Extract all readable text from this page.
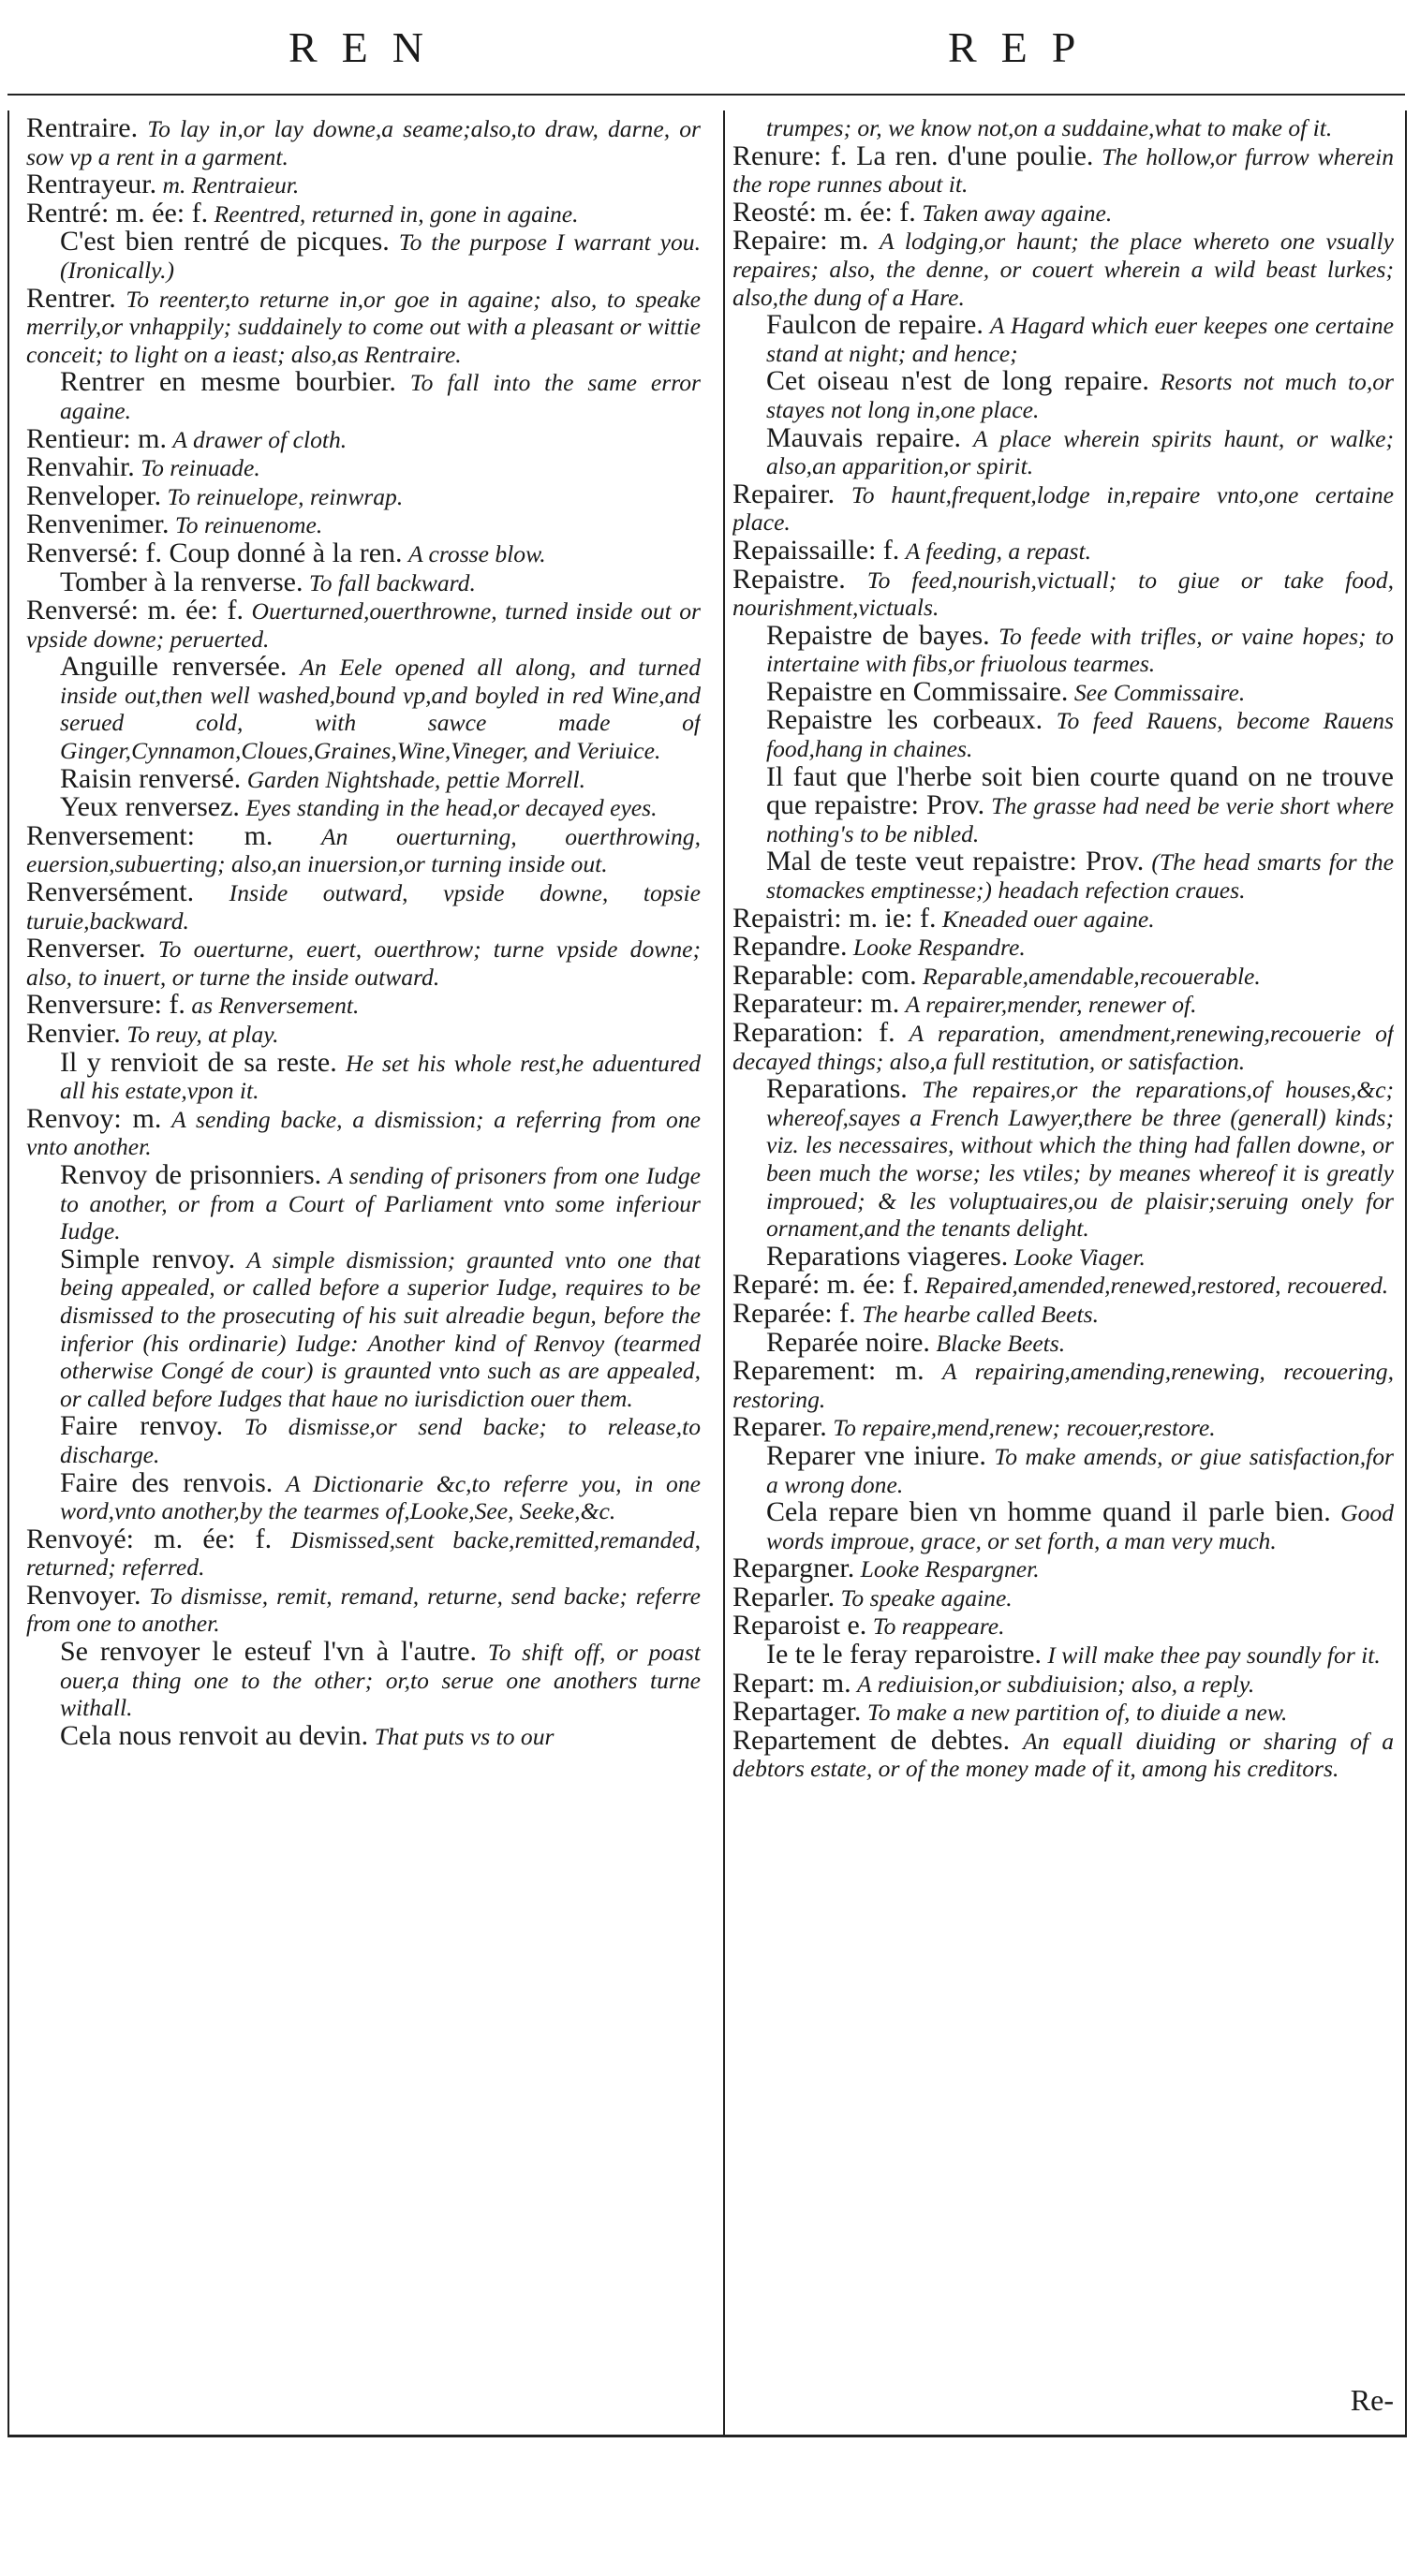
REN	REP

Rentraire. To lay in,or lay downe,a seame;also,to draw, darne, or sow vp a rent in a garment.

Rentrayeur. m. Rentraieur.

Rentré: m. ée: f. Reentred, returned in, gone in againe.

C'est bien rentré de picques. To the purpose I warrant you. (Ironically.)

Rentrer. To reenter,to returne in,or goe in againe; also, to speake merrily,or vnhappily; suddainely to come out with a pleasant or wittie conceit; to light on a ieast; also,as Rentraire.

Rentrer en mesme bourbier. To fall into the same error againe.

Rentieur: m. A drawer of cloth.

Renvahir. To reinuade.

Renveloper. To reinuelope, reinwrap.

Renvenimer. To reinuenome.

Renversé: f. Coup donné à la ren. A crosse blow.

Tomber à la renverse. To fall backward.

Renversé: m. ée: f. Ouerturned,ouerthrowne, turned inside out or vpside downe; peruerted.

Anguille renversée. An Eele opened all along, and turned inside out,then well washed,bound vp,and boyled in red Wine,and serued cold, with sawce made of Ginger,Cynnamon,Cloues,Graines,Wine,Vineger, and Veriuice.

Raisin renversé. Garden Nightshade, pettie Morrell.

Yeux renversez. Eyes standing in the head,or decayed eyes.

Renversement: m. An ouerturning, ouerthrowing, euersion,subuerting; also,an inuersion,or turning inside out.

Renversément. Inside outward, vpside downe, topsie turuie,backward.

Renverser. To ouerturne, euert, ouerthrow; turne vpside downe; also, to inuert, or turne the inside outward.

Renversure: f. as Renversement.

Renvier. To reuy, at play.

Il y renvioit de sa reste. He set his whole rest,he aduentured all his estate,vpon it.

Renvoy: m. A sending backe, a dismission; a referring from one vnto another.

Renvoy de prisonniers. A sending of prisoners from one Iudge to another, or from a Court of Parliament vnto some inferiour Iudge.

Simple renvoy. A simple dismission; graunted vnto one that being appealed, or called before a superior Iudge, requires to be dismissed to the prosecuting of his suit alreadie begun, before the inferior (his ordinarie) Iudge: Another kind of Renvoy (tearmed otherwise Congé de cour) is graunted vnto such as are appealed, or called before Iudges that haue no iurisdiction ouer them.

Faire renvoy. To dismisse,or send backe; to release,to discharge.

Faire des renvois. A Dictionarie &c,to referre you, in one word,vnto another,by the tearmes of,Looke,See, Seeke,&c.

Renvoyé: m. ée: f. Dismissed,sent backe,remitted,remanded, returned; referred.

Renvoyer. To dismisse, remit, remand, returne, send backe; referre from one to another.

Se renvoyer le esteuf l'vn à l'autre. To shift off, or poast ouer,a thing one to the other; or,to serue one anothers turne withall.

Cela nous renvoit au devin. That puts vs to our

trumpes; or, we know not,on a suddaine,what to make of it.

Renure: f. La ren. d'une poulie. The hollow,or furrow wherein the rope runnes about it.

Reosté: m. ée: f. Taken away againe.

Repaire: m. A lodging,or haunt; the place whereto one vsually repaires; also, the denne, or couert wherein a wild beast lurkes; also,the dung of a Hare.

Faulcon de repaire. A Hagard which euer keepes one certaine stand at night; and hence;

Cet oiseau n'est de long repaire. Resorts not much to,or stayes not long in,one place.

Mauvais repaire. A place wherein spirits haunt, or walke; also,an apparition,or spirit.

Repairer. To haunt,frequent,lodge in,repaire vnto,one certaine place.

Repaissaille: f. A feeding, a repast.

Repaistre. To feed,nourish,victuall; to giue or take food, nourishment,victuals.

Repaistre de bayes. To feede with trifles, or vaine hopes; to intertaine with fibs,or friuolous tearmes.

Repaistre en Commissaire. See Commissaire.

Repaistre les corbeaux. To feed Rauens, become Rauens food,hang in chaines.

Il faut que l'herbe soit bien courte quand on ne trouve que repaistre: Prov. The grasse had need be verie short where nothing's to be nibled.

Mal de teste veut repaistre: Prov. (The head smarts for the stomackes emptinesse;) headach refection craues.

Repaistri: m. ie: f. Kneaded ouer againe.

Repandre. Looke Respandre.

Reparable: com. Reparable,amendable,recouerable.

Reparateur: m. A repairer,mender, renewer of.

Reparation: f. A reparation, amendment,renewing,recouerie of decayed things; also,a full restitution, or satisfaction.

Reparations. The repaires,or the reparations,of houses,&c; whereof,sayes a French Lawyer,there be three (generall) kinds; viz. les necessaires, without which the thing had fallen downe, or been much the worse; les vtiles; by meanes whereof it is greatly improued; & les voluptuaires,ou de plaisir;seruing onely for ornament,and the tenants delight.

Reparations viageres. Looke Viager.

Reparé: m. ée: f. Repaired,amended,renewed,restored, recouered.

Reparée: f. The hearbe called Beets.

Reparée noire. Blacke Beets.

Reparement: m. A repairing,amending,renewing, recouering, restoring.

Reparer. To repaire,mend,renew; recouer,restore.

Reparer vne iniure. To make amends, or giue satisfaction,for a wrong done.

Cela repare bien vn homme quand il parle bien. Good words improue, grace, or set forth, a man very much.

Repargner. Looke Respargner.

Reparler. To speake againe.

Reparoist e. To reappeare.

Ie te le feray reparoistre. I will make thee pay soundly for it.

Repart: m. A rediuision,or subdiuision; also, a reply.

Repartager. To make a new partition of, to diuide a new.

Repartement de debtes. An equall diuiding or sharing of a debtors estate, or of the money made of it, among his creditors.

Re-
